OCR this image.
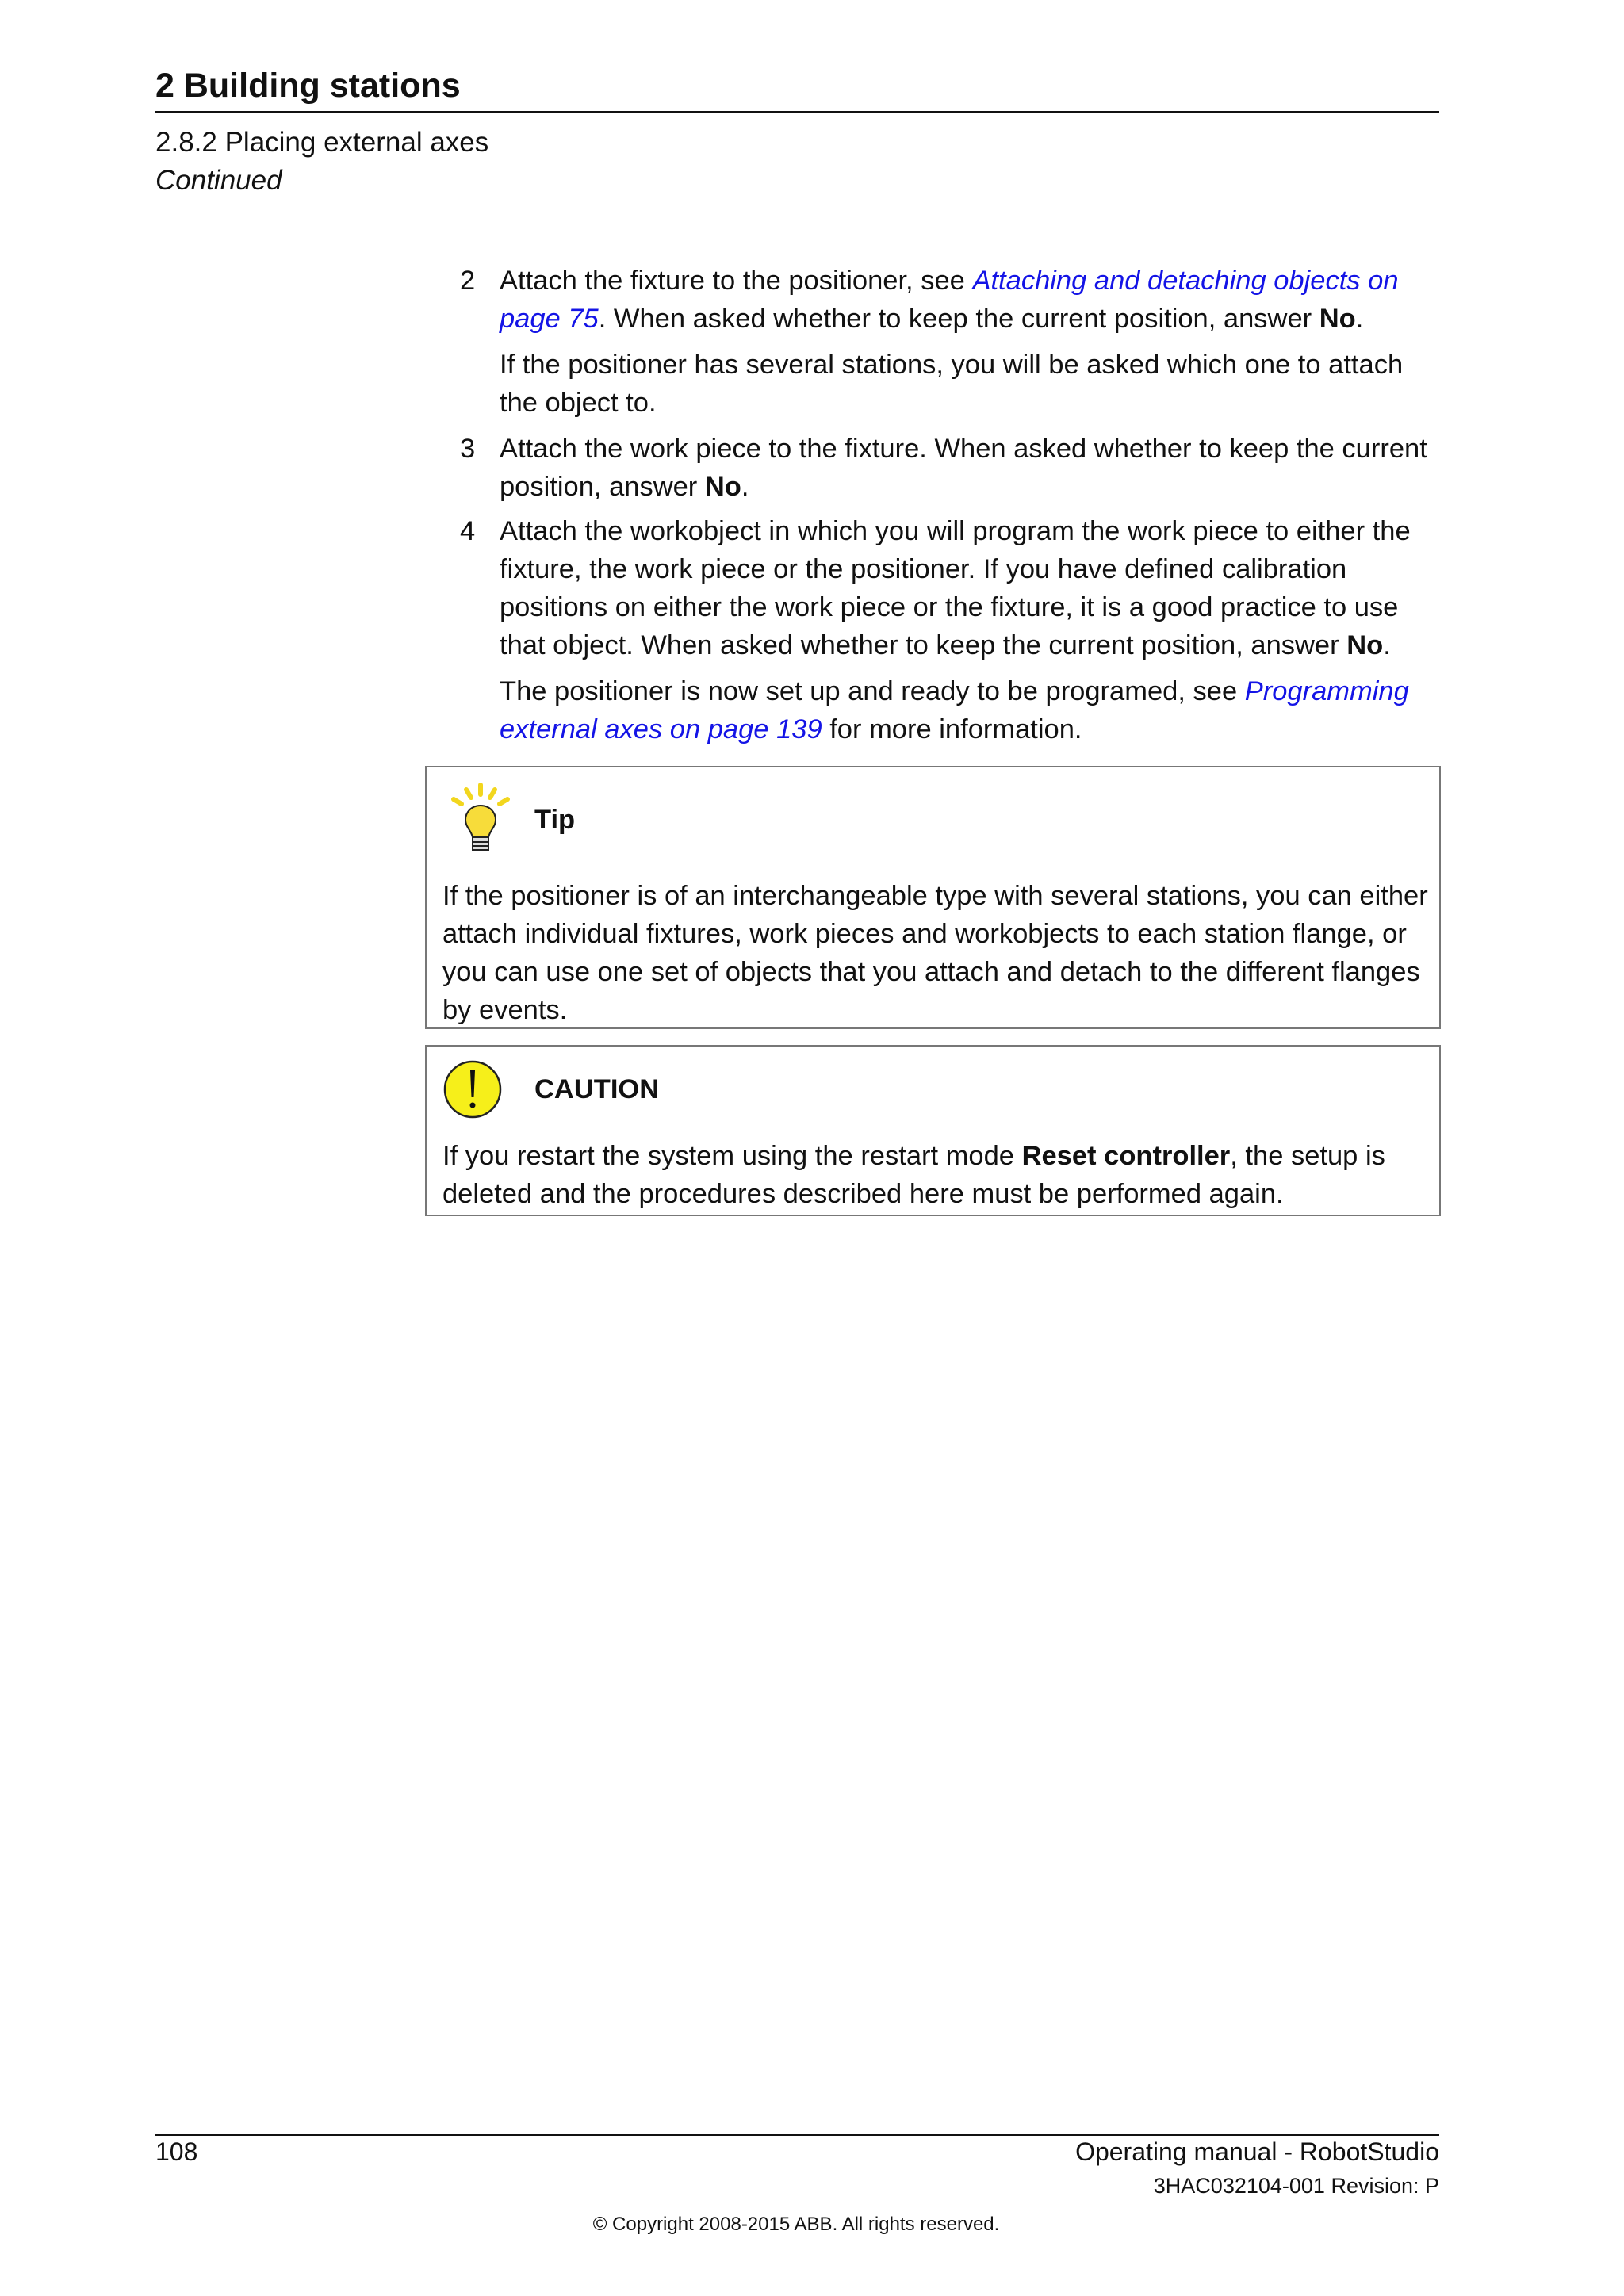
2 Building stations
2.8.2 Placing external axes
Continued
2 Attach the fixture to the positioner, see Attaching and detaching objects on page 75. When asked whether to keep the current position, answer No.

If the positioner has several stations, you will be asked which one to attach the object to.

3 Attach the work piece to the fixture. When asked whether to keep the current position, answer No.

4 Attach the workobject in which you will program the work piece to either the fixture, the work piece or the positioner. If you have defined calibration positions on either the work piece or the fixture, it is a good practice to use that object. When asked whether to keep the current position, answer No.

The positioner is now set up and ready to be programed, see Programming external axes on page 139 for more information.

Tip
If the positioner is of an interchangeable type with several stations, you can either attach individual fixtures, work pieces and workobjects to each station flange, or you can use one set of objects that you attach and detach to the different flanges by events.
CAUTION
If you restart the system using the restart mode Reset controller, the setup is deleted and the procedures described here must be performed again.
108	Operating manual - RobotStudio
3HAC032104-001 Revision: P
© Copyright 2008-2015 ABB. All rights reserved.
